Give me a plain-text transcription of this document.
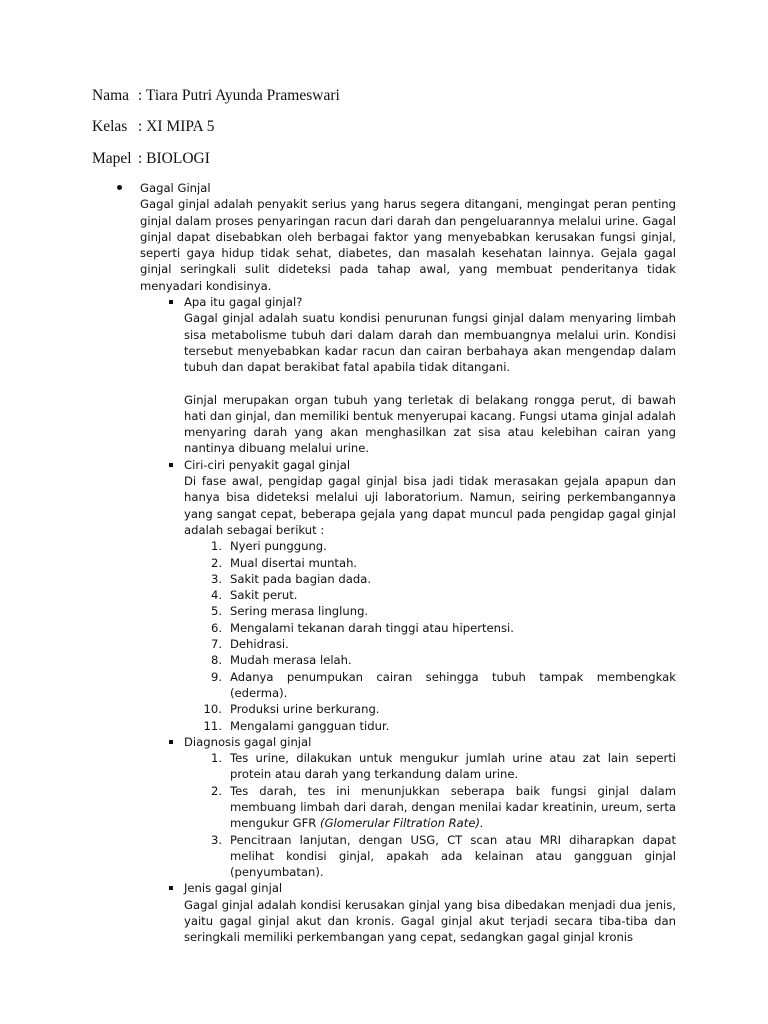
Nama : Tiara Putri Ayunda Prameswari
Kelas : XI MIPA 5
Mapel : BIOLOGI
Gagal Ginjal

Gagal ginjal adalah penyakit serius yang harus segera ditangani, mengingat peran penting ginjal dalam proses penyaringan racun dari darah dan pengeluarannya melalui urine. Gagal ginjal dapat disebabkan oleh berbagai faktor yang menyebabkan kerusakan fungsi ginjal, seperti gaya hidup tidak sehat, diabetes, dan masalah kesehatan lainnya. Gejala gagal ginjal seringkali sulit dideteksi pada tahap awal, yang membuat penderitanya tidak menyadari kondisinya.

Apa itu gagal ginjal?

Gagal ginjal adalah suatu kondisi penurunan fungsi ginjal dalam menyaring limbah sisa metabolisme tubuh dari dalam darah dan membuangnya melalui urin. Kondisi tersebut menyebabkan kadar racun dan cairan berbahaya akan mengendap dalam tubuh dan dapat berakibat fatal apabila tidak ditangani.

Ginjal merupakan organ tubuh yang terletak di belakang rongga perut, di bawah hati dan ginjal, dan memiliki bentuk menyerupai kacang. Fungsi utama ginjal adalah menyaring darah yang akan menghasilkan zat sisa atau kelebihan cairan yang nantinya dibuang melalui urine.

Ciri-ciri penyakit gagal ginjal

Di fase awal, pengidap gagal ginjal bisa jadi tidak merasakan gejala apapun dan hanya bisa dideteksi melalui uji laboratorium. Namun, seiring perkembangannya yang sangat cepat, beberapa gejala yang dapat muncul pada pengidap gagal ginjal adalah sebagai berikut :

1. Nyeri punggung.
2. Mual disertai muntah.
3. Sakit pada bagian dada.
4. Sakit perut.
5. Sering merasa linglung.
6. Mengalami tekanan darah tinggi atau hipertensi.
7. Dehidrasi.
8. Mudah merasa lelah.
9. Adanya penumpukan cairan sehingga tubuh tampak membengkak (ederma).
10. Produksi urine berkurang.
11. Mengalami gangguan tidur.
Diagnosis gagal ginjal
1. Tes urine, dilakukan untuk mengukur jumlah urine atau zat lain seperti protein atau darah yang terkandung dalam urine.
2. Tes darah, tes ini menunjukkan seberapa baik fungsi ginjal dalam membuang limbah dari darah, dengan menilai kadar kreatinin, ureum, serta mengukur GFR (Glomerular Filtration Rate).
3. Pencitraan lanjutan, dengan USG, CT scan atau MRI diharapkan dapat melihat kondisi ginjal, apakah ada kelainan atau gangguan ginjal (penyumbatan).
Jenis gagal ginjal

Gagal ginjal adalah kondisi kerusakan ginjal yang bisa dibedakan menjadi dua jenis, yaitu gagal ginjal akut dan kronis. Gagal ginjal akut terjadi secara tiba-tiba dan seringkali memiliki perkembangan yang cepat, sedangkan gagal ginjal kronis
